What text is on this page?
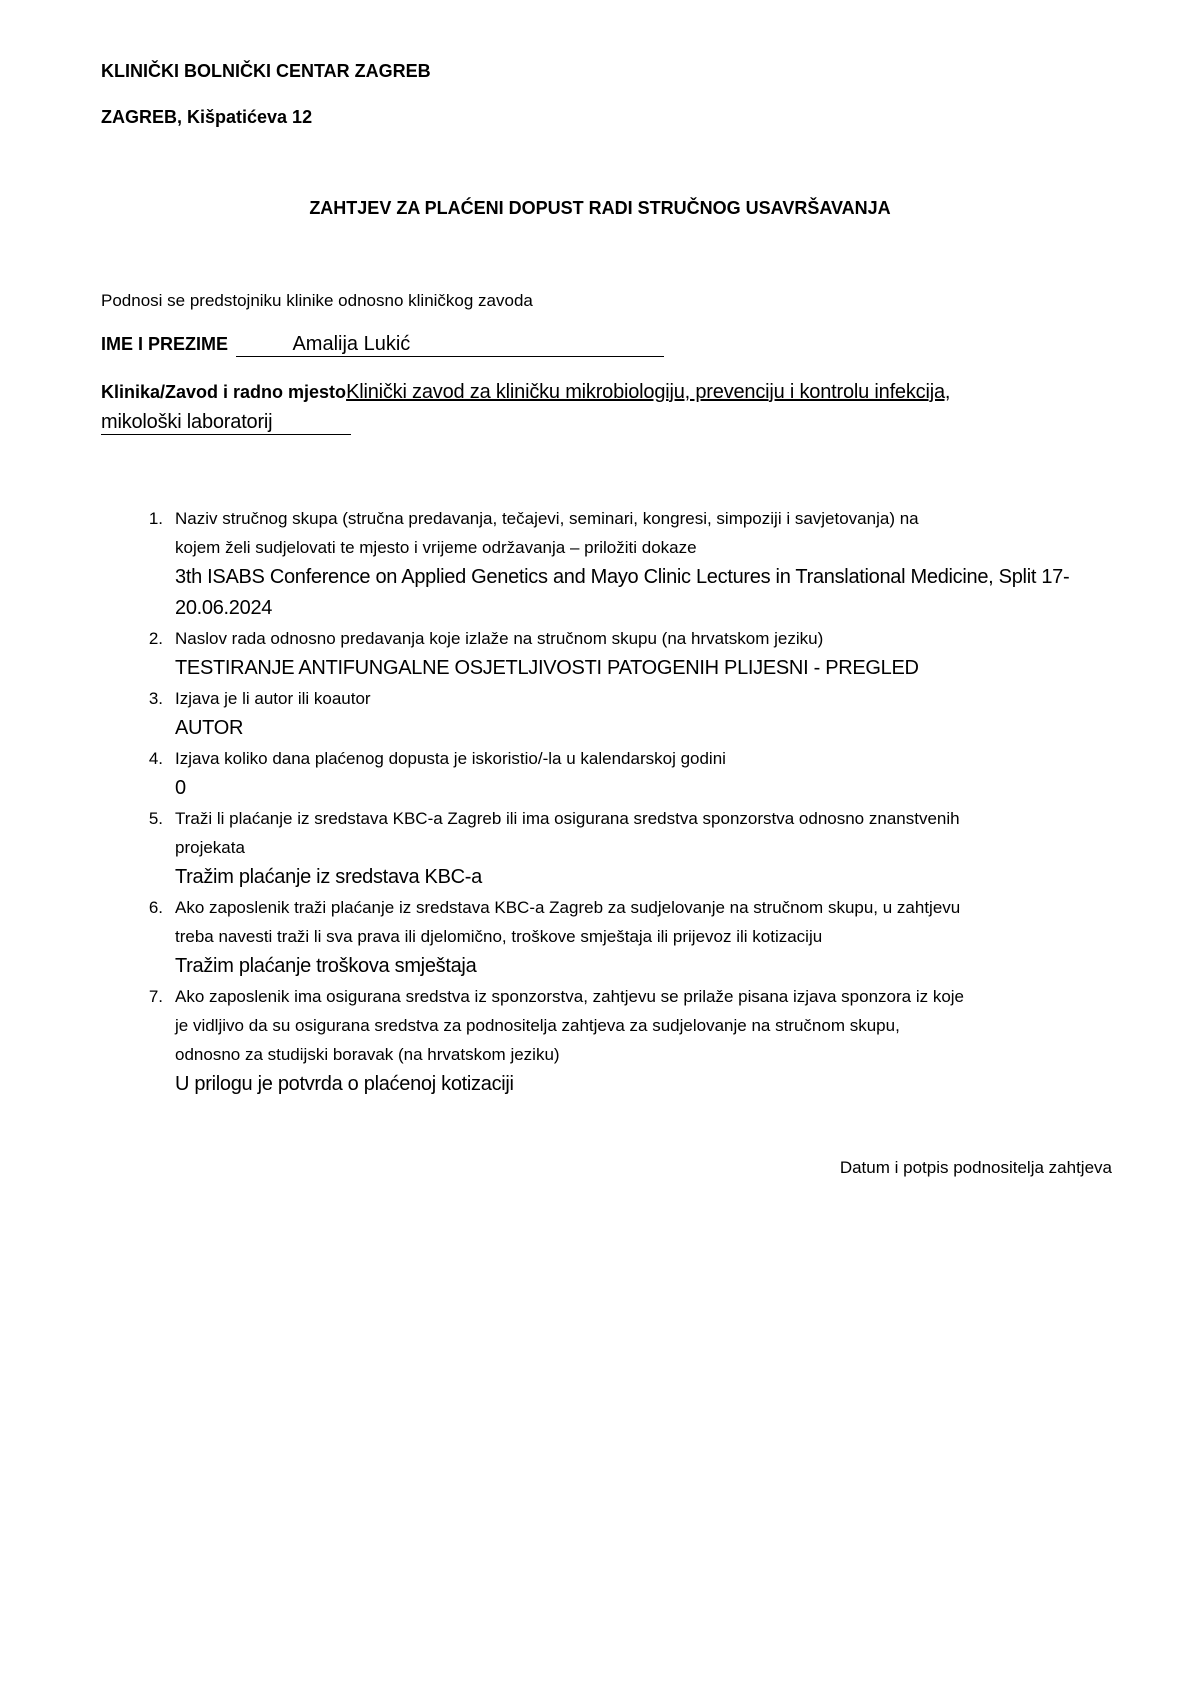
KLINIČKI BOLNIČKI CENTAR ZAGREB
ZAGREB, Kišpatićeva 12
ZAHTJEV ZA PLAĆENI DOPUST RADI STRUČNOG USAVRŠAVANJA
Podnosi se predstojniku klinike odnosno kliničkog zavoda
IME I PREZIME	Amalija Lukić
Klinika/Zavod i radno mjestoKlinički zavod za kliničku mikrobiologiju, prevenciju i kontrolu infekcija,
mikološki laboratorij
1. Naziv stručnog skupa (stručna predavanja, tečajevi, seminari, kongresi, simpoziji i savjetovanja) na
kojem želi sudjelovati te mjesto i vrijeme održavanja – priložiti dokaze
3th ISABS Conference on Applied Genetics and Mayo Clinic Lectures in Translational Medicine, Split 17-
20.06.2024
2. Naslov rada odnosno predavanja koje izlaže na stručnom skupu (na hrvatskom jeziku)
TESTIRANJE ANTIFUNGALNE OSJETLJIVOSTI PATOGENIH PLIJESNI - PREGLED
3. Izjava je li autor ili koautor
AUTOR
4. Izjava koliko dana plaćenog dopusta je iskoristio/-la u kalendarskoj godini
0
5. Traži li plaćanje iz sredstava KBC-a Zagreb ili ima osigurana sredstva sponzorstva odnosno znanstvenih
projekata
Tražim plaćanje iz sredstava KBC-a
6. Ako zaposlenik traži plaćanje iz sredstava KBC-a Zagreb za sudjelovanje na stručnom skupu, u zahtjevu
treba navesti traži li sva prava ili djelomično, troškove smještaja ili prijevoz ili kotizaciju
Tražim plaćanje troškova smještaja
7. Ako zaposlenik ima osigurana sredstva iz sponzorstva, zahtjevu se prilaže pisana izjava sponzora iz koje
je vidljivo da su osigurana sredstva za podnositelja zahtjeva za sudjelovanje na stručnom skupu,
odnosno za studijski boravak (na hrvatskom jeziku)
U prilogu je potvrda o plaćenoj kotizaciji
Datum i potpis podnositelja zahtjeva
